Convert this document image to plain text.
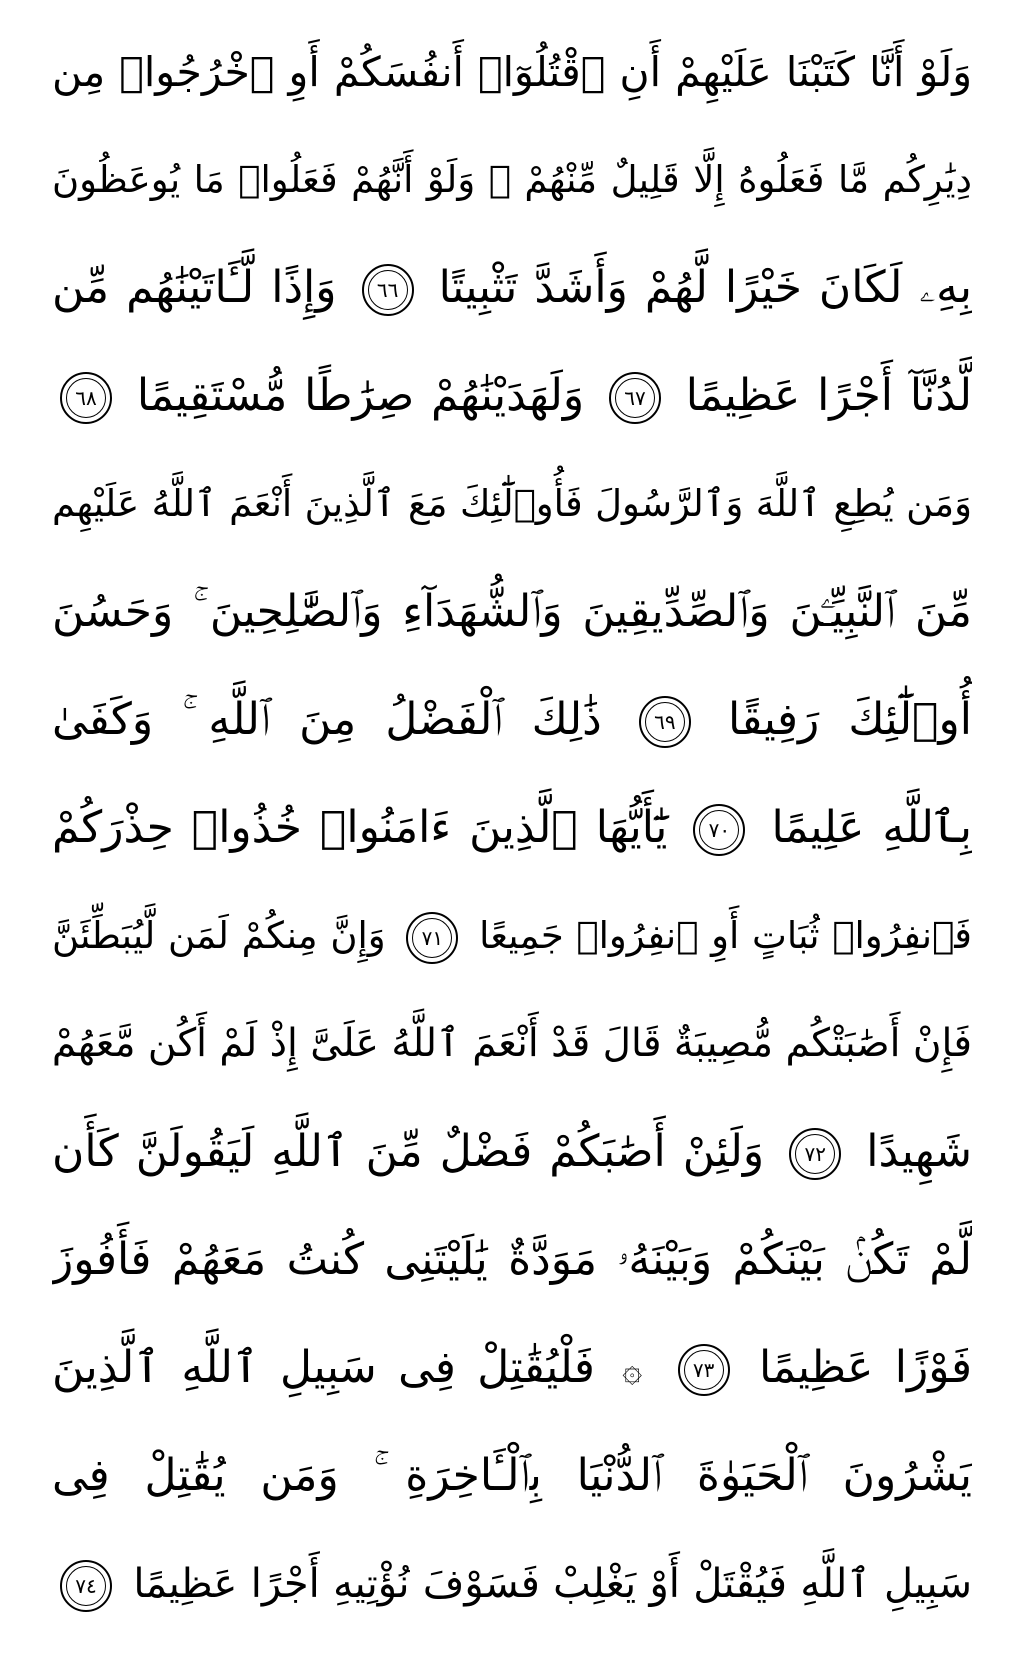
وَلَوْ أَنَّا كَتَبْنَا عَلَيْهِمْ أَنِ ٱقْتُلُوٓا۟ أَنفُسَكُمْ أَوِ ٱخْرُجُوا۟ مِن
دِيَٰرِكُم مَّا فَعَلُوهُ إِلَّا قَلِيلٌ مِّنْهُمْ ۖ وَلَوْ أَنَّهُمْ فَعَلُوا۟ مَا يُوعَظُونَ
بِهِۦ لَكَانَ خَيْرًا لَّهُمْ وَأَشَدَّ تَثْبِيتًا ٦٦ وَإِذًا لَّـَٔاتَيْنَٰهُم مِّن
لَّدُنَّآ أَجْرًا عَظِيمًا ٦٧ وَلَهَدَيْنَٰهُمْ صِرَٰطًا مُّسْتَقِيمًا ٦٨
وَمَن يُطِعِ ٱللَّهَ وَٱلرَّسُولَ فَأُو۟لَٰٓئِكَ مَعَ ٱلَّذِينَ أَنْعَمَ ٱللَّهُ عَلَيْهِم
مِّنَ ٱلنَّبِيِّـۧنَ وَٱلصِّدِّيقِينَ وَٱلشُّهَدَآءِ وَٱلصَّٰلِحِينَ ۚ وَحَسُنَ
أُو۟لَٰٓئِكَ رَفِيقًا ٦٩ ذَٰلِكَ ٱلْفَضْلُ مِنَ ٱللَّهِ ۚ وَكَفَىٰ
بِٱللَّهِ عَلِيمًا ٧٠ يَٰٓأَيُّهَا ٱلَّذِينَ ءَامَنُوا۟ خُذُوا۟ حِذْرَكُمْ
فَٱنفِرُوا۟ ثُبَاتٍ أَوِ ٱنفِرُوا۟ جَمِيعًا ٧١ وَإِنَّ مِنكُمْ لَمَن لَّيُبَطِّئَنَّ
فَإِنْ أَصَٰبَتْكُم مُّصِيبَةٌ قَالَ قَدْ أَنْعَمَ ٱللَّهُ عَلَىَّ إِذْ لَمْ أَكُن مَّعَهُمْ
شَهِيدًا ٧٢ وَلَئِنْ أَصَٰبَكُمْ فَضْلٌ مِّنَ ٱللَّهِ لَيَقُولَنَّ كَأَن
لَّمْ تَكُنۢ بَيْنَكُمْ وَبَيْنَهُۥ مَوَدَّةٌ يَٰلَيْتَنِى كُنتُ مَعَهُمْ فَأَفُوزَ
فَوْزًا عَظِيمًا ٧٣ ۞ فَلْيُقَٰتِلْ فِى سَبِيلِ ٱللَّهِ ٱلَّذِينَ
يَشْرُونَ ٱلْحَيَوٰةَ ٱلدُّنْيَا بِٱلْـَٔاخِرَةِ ۚ وَمَن يُقَٰتِلْ فِى
سَبِيلِ ٱللَّهِ فَيُقْتَلْ أَوْ يَغْلِبْ فَسَوْفَ نُؤْتِيهِ أَجْرًا عَظِيمًا ٧٤
